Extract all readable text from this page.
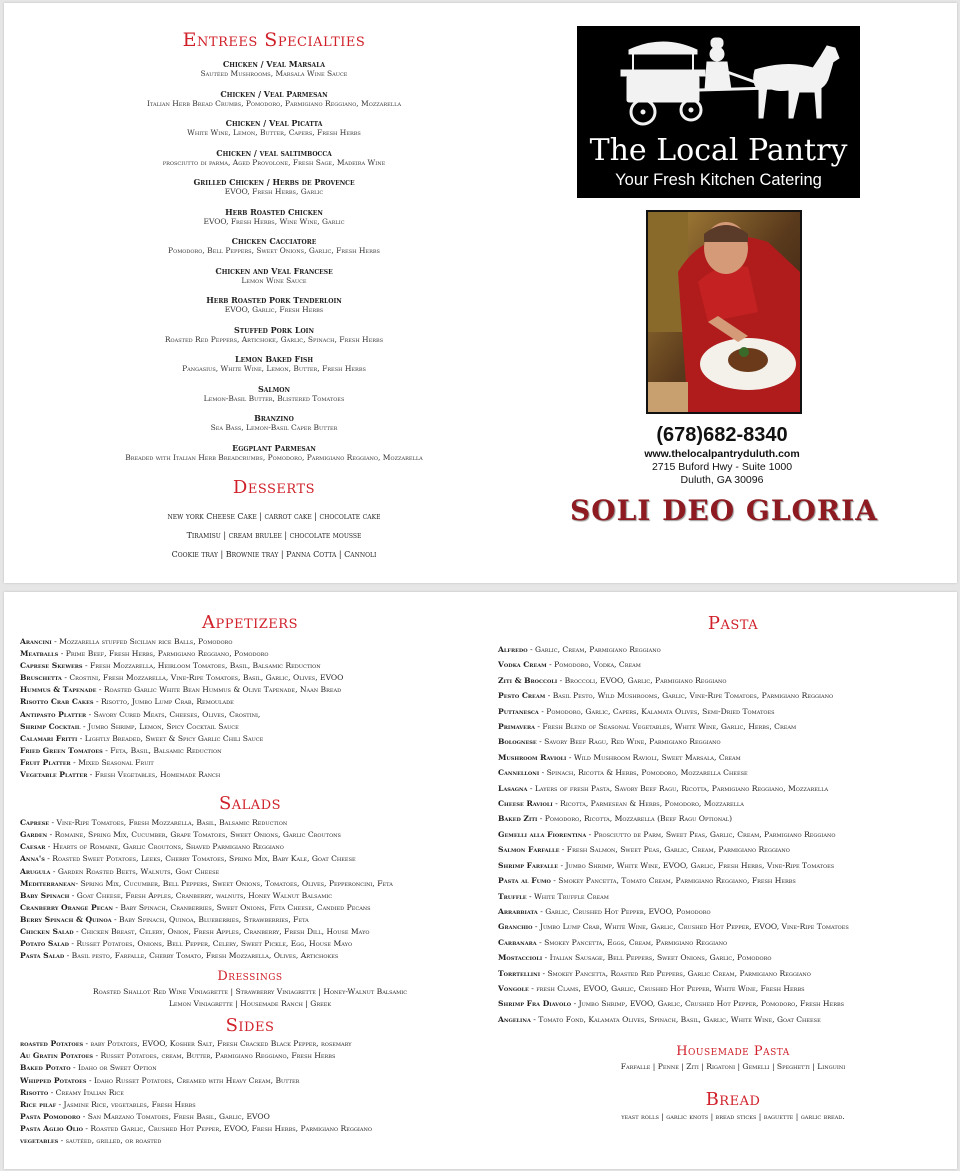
Entrees Specialties
Chicken / Veal Marsala
Sautéed Mushrooms, Marsala Wine Sauce
Chicken / Veal Parmesan
Italian Herb Bread Crumbs, Pomodoro, Parmigiano Reggiano, Mozzarella
Chicken / Veal Picatta
White Wine, Lemon, Butter, Capers, Fresh Herbs
Chicken / veal saltimbocca
prosciutto di parma, Aged Provolone, Fresh Sage, Madeira Wine
Grilled Chicken / Herbs de Provence
EVOO, Fresh Herbs, Garlic
Herb Roasted Chicken
EVOO, Fresh Herbs, Wine Wine, Garlic
Chicken Cacciatore
Pomodoro, Bell Peppers, Sweet Onions, Garlic, Fresh Herbs
Chicken and Veal Francese
Lemon Wine Sauce
Herb Roasted Pork Tenderloin
EVOO, Garlic, Fresh Herbs
Stuffed Pork Loin
Roasted Red Peppers, Artichoke, Garlic, Spinach, Fresh Herbs
Lemon Baked Fish
Pangasius, White Wine, Lemon, Butter, Fresh Herbs
Salmon
Lemon-Basil Butter, Blistered Tomatoes
Branzino
Sea Bass, Lemon-Basil Caper Butter
Eggplant Parmesan
Breaded with Italian Herb Breadcrumbs, Pomodoro, Parmigiano Reggiano, Mozzarella
Desserts
new york Cheese Cake | carrot cake | chocolate cake
Tiramisu | cream brulee | chocolate mousse
Cookie tray | Brownie tray | Panna Cotta | Cannoli
The Local Pantry
Your Fresh Kitchen Catering
(678)682-8340
www.thelocalpantryduluth.com
2715 Buford Hwy - Suite 1000
Duluth, GA 30096
SOLI DEO GLORIA
Appetizers
Arancini - Mozzarella stuffed Sicilian rice Balls, Pomodoro
Meatballs - Prime Beef, Fresh Herbs, Parmigiano Reggiano, Pomodoro
Caprese Skewers - Fresh Mozzarella, Heirloom Tomatoes, Basil, Balsamic Reduction
Bruschetta - Crostini, Fresh Mozzarella, Vine-Ripe Tomatoes, Basil, Garlic, Olives, EVOO
Hummus & Tapenade - Roasted Garlic White Bean Hummus & Olive Tapenade, Naan Bread
Risotto Crab Cakes - Risotto, Jumbo Lump Crab, Remoulade
Antipasto Platter - Savory Cured Meats, Cheeses, Olives, Crostini,
Shrimp Cocktail - Jumbo Shrimp, Lemon, Spicy Cocktail Sauce
Calamari Fritti - Lightly Breaded, Sweet & Spicy Garlic Chili Sauce
Fried Green Tomatoes - Feta, Basil, Balsamic Reduction
Fruit Platter - Mixed Seasonal Fruit
Vegetable Platter - Fresh Vegetables, Homemade Ranch
Salads
Caprese - Vine-Ripe Tomatoes, Fresh Mozzarella, Basil, Balsamic Reduction
Garden - Romaine, Spring Mix, Cucumber, Grape Tomatoes, Sweet Onions, Garlic Croutons
Caesar - Hearts of Romaine, Garlic Croutons, Shaved Parmigiano Reggiano
Anna's - Roasted Sweet Potatoes, Leeks, Cherry Tomatoes, Spring Mix, Baby Kale, Goat Cheese
Arugula - Garden Roasted Beets, Walnuts, Goat Cheese
Mediterranean- Spring Mix, Cucumber, Bell Peppers, Sweet Onions, Tomatoes, Olives, Pepperoncini, Feta
Baby Spinach - Goat Cheese, Fresh Apples, Cranberry, walnuts, Honey Walnut Balsamic
Cranberry Orange Pecan - Baby Spinach, Cranberries, Sweet Onions, Feta Cheese, Candied Pecans
Berry Spinach & Quinoa - Baby Spinach, Quinoa, Blueberries, Strawberries, Feta
Chicken Salad - Chicken Breast, Celery, Onion, Fresh Apples, Cranberry, Fresh Dill, House Mayo
Potato Salad - Russet Potatoes, Onions, Bell Pepper, Celery, Sweet Pickle, Egg, House Mayo
Pasta Salad - Basil pesto, Farfalle, Cherry Tomato, Fresh Mozzarella, Olives, Artichokes
Dressings
Roasted Shallot Red Wine Viniagrette | Strawberry Viniagrette | Honey-Walnut Balsamic
Lemon Viniagrette | Housemade Ranch | Greek
Sides
roasted Potatoes - baby Potatoes, EVOO, Kosher Salt, Fresh Cracked Black Pepper, rosemary
Au Gratin Potatoes - Russet Potatoes, cream, Butter, Parmigiano Reggiano, Fresh Herbs
Baked Potato - Idaho or Sweet Option
Whipped Potatoes - Idaho Russet Potatoes, Creamed with Heavy Cream, Butter
Risotto - Creamy Italian Rice
Rice pilaf - Jasmine Rice, vegetables, Fresh Herbs
Pasta Pomodoro - San Marzano Tomatoes, Fresh Basil, Garlic, EVOO
Pasta Aglio Olio - Roasted Garlic, Crushed Hot Pepper, EVOO, Fresh Herbs, Parmigiano Reggiano
vegetables - sautéed, grilled, or roasted
Pasta
Alfredo - Garlic, Cream, Parmigiano Reggiano
Vodka Cream - Pomodoro, Vodka, Cream
Ziti & Broccoli - Broccoli, EVOO, Garlic, Parmigiano Reggiano
Pesto Cream - Basil Pesto, Wild Mushrooms, Garlic, Vine-Ripe Tomatoes, Parmigiano Reggiano
Puttanesca - Pomodoro, Garlic, Capers, Kalamata Olives, Semi-Dried Tomatoes
Primavera - Fresh Blend of Seasonal Vegetables, White Wine, Garlic, Herbs, Cream
Bolognese - Savory Beef Ragu, Red Wine, Parmigiano Reggiano
Mushroom Ravioli - Wild Mushroom Ravioli, Sweet Marsala, Cream
Cannelloni - Spinach, Ricotta & Herbs, Pomodoro, Mozzarella Cheese
Lasagna - Layers of fresh Pasta, Savory Beef Ragu, Ricotta, Parmigiano Reggiano, Mozzarella
Cheese Ravioli - Ricotta, Parmesean & Herbs, Pomodoro, Mozzarella
Baked Ziti - Pomodoro, Ricotta, Mozzarella (Beef Ragu Optional)
Gemelli alla Fiorentina - Prosciutto de Parm, Sweet Peas, Garlic, Cream, Parmigiano Reggiano
Salmon Farfalle - Fresh Salmon, Sweet Peas, Garlic, Cream, Parmigiano Reggiano
Shrimp Farfalle - Jumbo Shrimp, White Wine, EVOO, Garlic, Fresh Herbs, Vine-Ripe Tomatoes
Pasta al Fumo - Smokey Pancetta, Tomato Cream, Parmigiano Reggiano, Fresh Herbs
Truffle - White Truffle Cream
Arrabbiata - Garlic, Crushed Hot Pepper, EVOO, Pomodoro
Granchio - Jumbo Lump Crab, White Wine, Garlic, Crushed Hot Pepper, EVOO, Vine-Ripe Tomatoes
Carbanara - Smokey Pancetta, Eggs, Cream, Parmigiano Reggiano
Mostaccioli - Italian Sausage, Bell Peppers, Sweet Onions, Garlic, Pomodoro
Torrtellini - Smokey Pancetta, Roasted Red Peppers, Garlic Cream, Parmigiano Reggiano
Vongole - fresh Clams, EVOO, Garlic, Crushed Hot Pepper, White Wine, Fresh Herbs
Shrimp Fra Diavolo - Jumbo Shrimp, EVOO, Garlic, Crushed Hot Pepper, Pomodoro, Fresh Herbs
Angelina - Tomato Fond, Kalamata Olives, Spinach, Basil, Garlic, White Wine, Goat Cheese
Housemade Pasta
Farfalle | Penne | Ziti | Rigatoni | Gemelli | Speghetti | Linguini
Bread
yeast rolls | garlic knots | bread sticks | baguette | garlic bread.
